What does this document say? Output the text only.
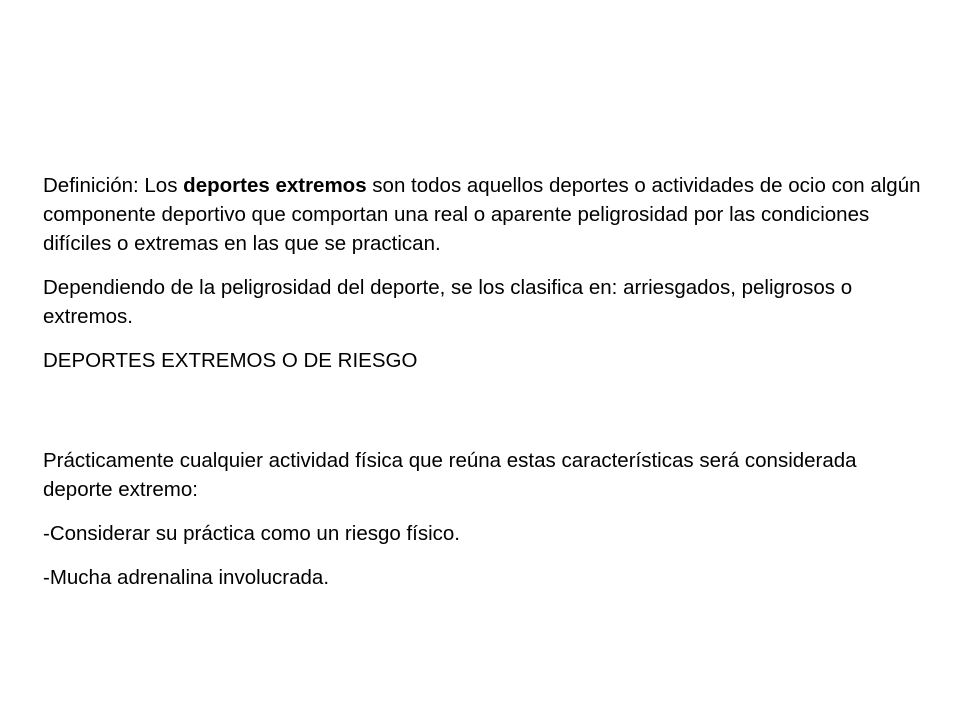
Definición: Los deportes extremos son todos aquellos deportes o actividades de ocio con algún componente deportivo que comportan una real o aparente peligrosidad por las condiciones difíciles o extremas en las que se practican.

Dependiendo de la peligrosidad del deporte, se los clasifica en: arriesgados, peligrosos o extremos.

DEPORTES EXTREMOS O DE RIESGO

Prácticamente cualquier actividad física que reúna estas características será considerada deporte extremo:

-Considerar su práctica como un riesgo físico.

-Mucha adrenalina involucrada.
